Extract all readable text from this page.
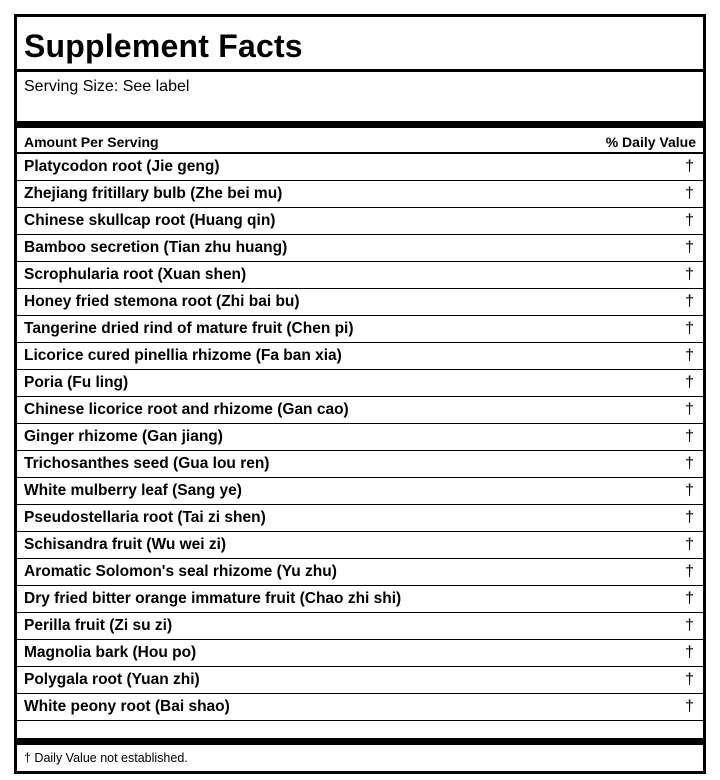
Supplement Facts
Serving Size: See label
Amount Per Serving	% Daily Value
Platycodon root (Jie geng)	†
Zhejiang fritillary bulb (Zhe bei mu)	†
Chinese skullcap root (Huang qin)	†
Bamboo secretion (Tian zhu huang)	†
Scrophularia root (Xuan shen)	†
Honey fried stemona root (Zhi bai bu)	†
Tangerine dried rind of mature fruit (Chen pi)	†
Licorice cured pinellia rhizome (Fa ban xia)	†
Poria (Fu ling)	†
Chinese licorice root and rhizome (Gan cao)	†
Ginger rhizome (Gan jiang)	†
Trichosanthes seed (Gua lou ren)	†
White mulberry leaf (Sang ye)	†
Pseudostellaria root (Tai zi shen)	†
Schisandra fruit (Wu wei zi)	†
Aromatic Solomon's seal rhizome (Yu zhu)	†
Dry fried bitter orange immature fruit (Chao zhi shi)	†
Perilla fruit (Zi su zi)	†
Magnolia bark (Hou po)	†
Polygala root (Yuan zhi)	†
White peony root (Bai shao)	†
† Daily Value not established.
